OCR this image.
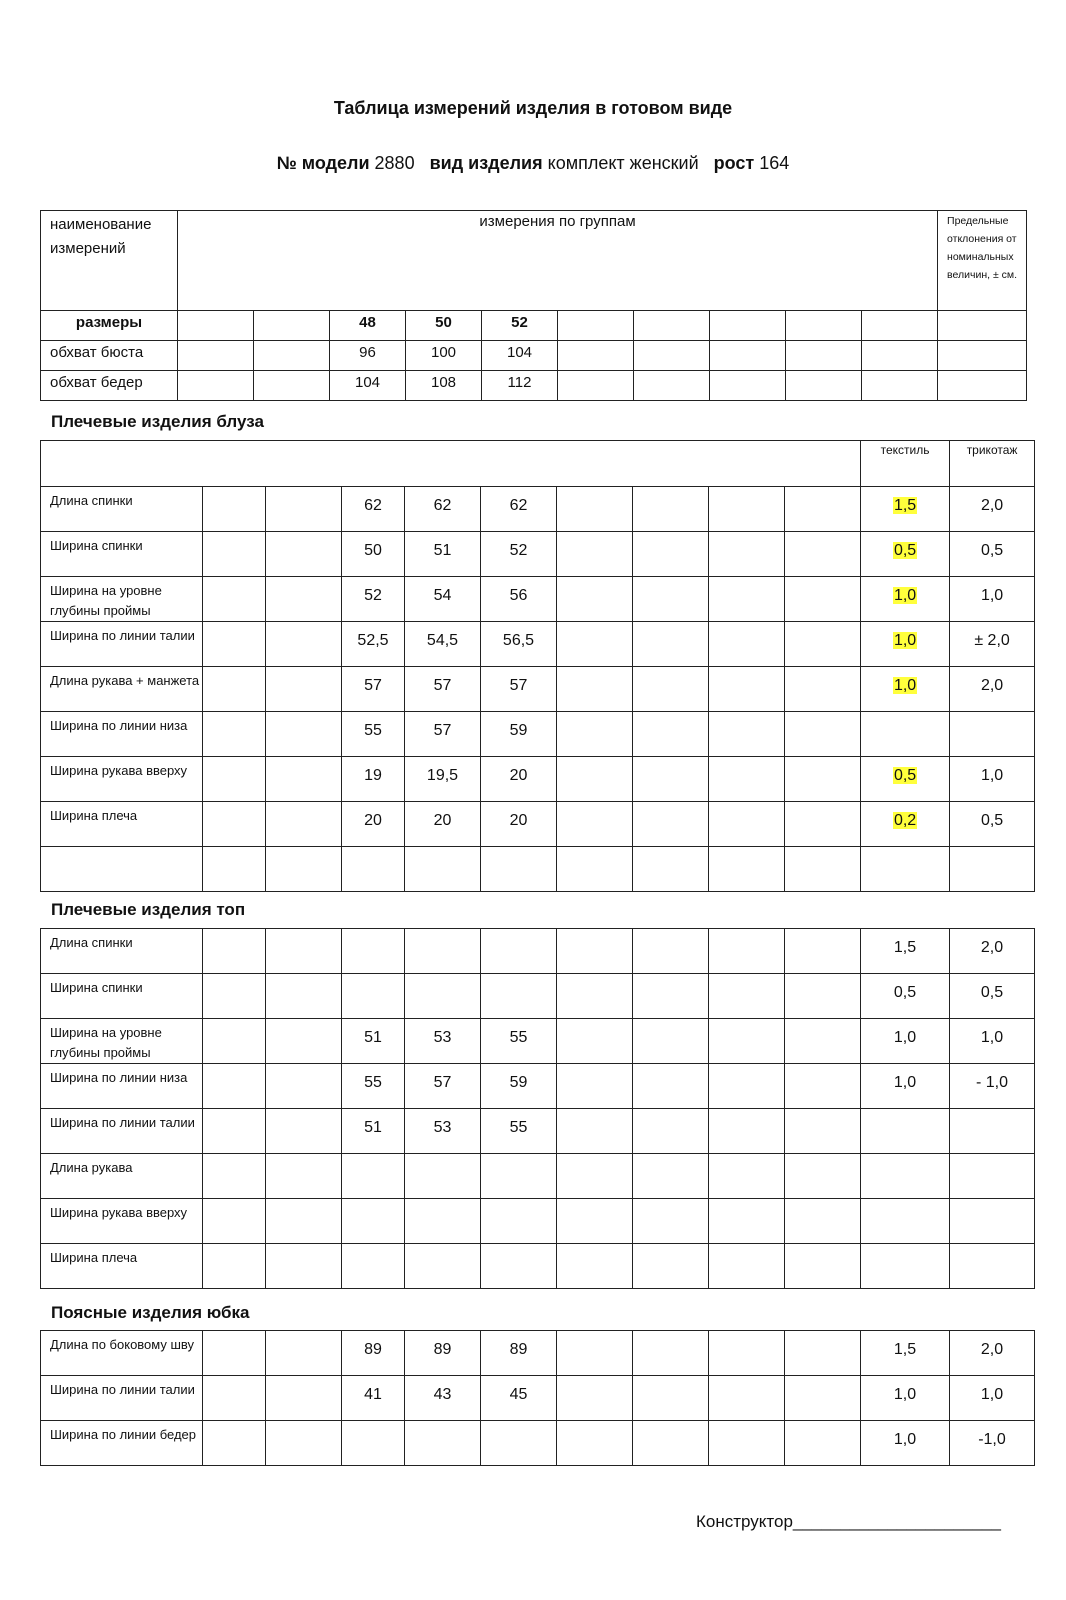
Таблица измерений изделия в готовом виде
№ модели 2880 вид изделия комплект женский рост 164
наименование измерений	измерения по группам										Предельные отклонения от номинальных величин, ± см.
размеры			48	50	52						
обхват бюста			96	100	104						
обхват бедер			104	108	112						
Плечевые изделия блуза
										текстиль	трикотаж
Длина спинки			62	62	62					1,5	2,0
Ширина спинки			50	51	52					0,5	0,5
Ширина на уровне глубины проймы			52	54	56					1,0	1,0
Ширина по линии талии			52,5	54,5	56,5					1,0	± 2,0
Длина рукава + манжета			57	57	57					1,0	2,0
Ширина по линии низа			55	57	59						
Ширина рукава вверху			19	19,5	20					0,5	1,0
Ширина плеча			20	20	20					0,2	0,5

Плечевые изделия топ
Длина спинки										1,5	2,0
Ширина спинки										0,5	0,5
Ширина на уровне глубины проймы			51	53	55					1,0	1,0
Ширина по линии низа			55	57	59					1,0	- 1,0
Ширина по линии талии			51	53	55						
Длина рукава											
Ширина рукава вверху											
Ширина плеча											
Поясные изделия юбка
Длина по боковому шву			89	89	89					1,5	2,0
Ширина по линии талии			41	43	45					1,0	1,0
Ширина по линии бедер										1,0	-1,0
Конструктор______________________
